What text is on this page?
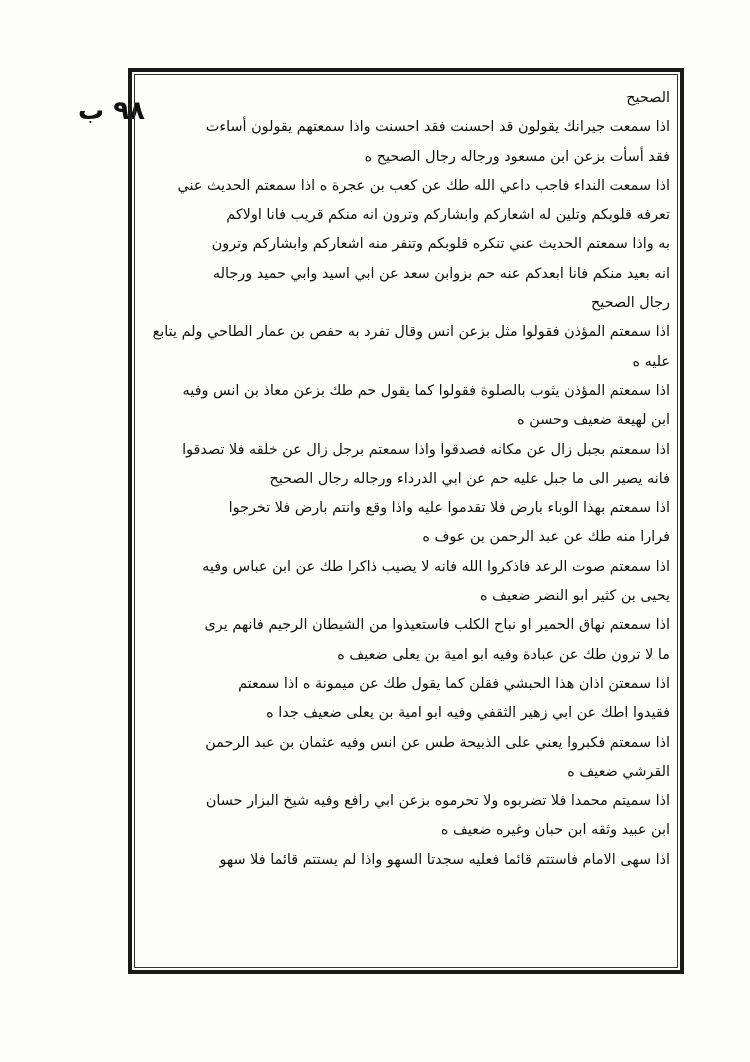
٩٨ ب	الصحيح
اذا سمعت جيرانك يقولون قد احسنت فقد احسنت واذا سمعتهم يقولون أساءت
فقد أسأت بزعن ابن مسعود ورجاله رجال الصحيح ه
اذا سمعت النداء فاجب داعي الله طك عن كعب بن عجرة ه اذا سمعتم الحديث عني
تعرفه قلوبكم وتلين له اشعاركم وابشاركم وترون انه منكم قريب فانا اولاكم
به واذا سمعتم الحديث عني تنكره قلوبكم وتنفر منه اشعاركم وابشاركم وترون
انه بعيد منكم فانا ابعدكم عنه حم بزوابن سعد عن ابي اسيد وابي حميد ورجاله
رجال الصحيح
اذا سمعتم المؤذن فقولوا مثل بزعن انس وقال تفرد به حفص بن عمار الطاحي ولم يتابع
عليه ه
اذا سمعتم المؤذن يثوب بالصلوة فقولوا كما يقول حم طك بزعن معاذ بن انس وفيه
ابن لهيعة ضعيف وحسن ه
اذا سمعتم بجبل زال عن مكانه فصدقوا واذا سمعتم برجل زال عن خلقه فلا تصدقوا
فانه يصير الى ما جبل عليه حم عن ابي الدرداء ورجاله رجال الصحيح
اذا سمعتم بهذا الوباء بارض فلا تقدموا عليه واذا وقع وانتم بارض فلا تخرجوا
فرارا منه طك عن عبد الرحمن بن عوف ه
اذا سمعتم صوت الرعد فاذكروا الله فانه لا يصيب ذاكرا طك عن ابن عباس وفيه
يحيى بن كثير ابو النضر ضعيف ه
اذا سمعتم نهاق الحمير او نباح الكلب فاستعيذوا من الشيطان الرجيم فانهم يرى
ما لا ترون طك عن عبادة وفيه ابو امية بن يعلى ضعيف ه
اذا سمعتن اذان هذا الحبشي فقلن كما يقول طك عن ميمونة ه اذا سمعتم
فقيدوا اطك عن ابي زهير الثقفي وفيه ابو امية بن يعلى ضعيف جدا ه
اذا سمعتم فكبروا يعني على الذبيحة طس عن انس وفيه عثمان بن عبد الرحمن
القرشي ضعيف ه
اذا سميتم محمدا فلا تضربوه ولا تحرموه بزعن ابي رافع وفيه شيخ البزار حسان
ابن عبيد وثقه ابن حبان وغيره ضعيف ه
اذا سهى الامام فاستتم قائما فعليه سجدتا السهو واذا لم يستتم قائما فلا سهو
